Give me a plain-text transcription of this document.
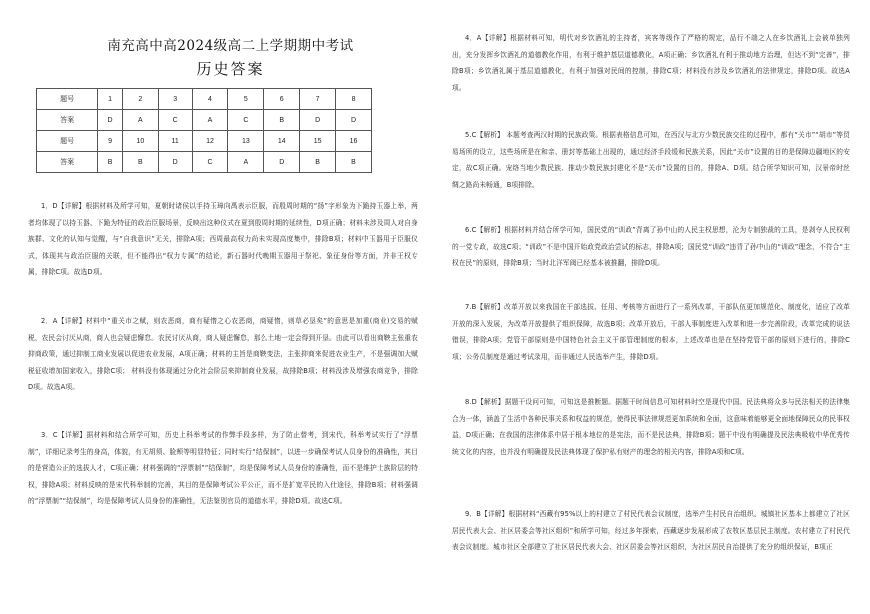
南充高中高2024级高二上学期期中考试
历史答案
题号	1	2	3	4	5	6	7	8
答案	D	A	C	A	C	B	D	D
题号	9	10	11	12	13	14	15	16
答案	B	B	D	C	A	D	B	B

1．D【详解】根据材料及所学可知，夏朝时诸侯以手持玉璋向禹表示臣服，而殷周时期的“扬”字形象为下跪持玉器上举，两者均体现了以持玉器、下跪为特征的政治臣服场景，反映出这种仪式在夏到殷周时期的延续性，D项正确；材料未涉及周人对自身族群、文化的认知与觉醒，与“自我意识”无关，排除A项；西周最高权力尚未实现高度集中，排除B项；材料中玉器用于臣服仪式，体现其与政治臣服的关联，但不能得出“权力专属”的结论，新石器时代晚期玉器用于祭祀、象征身份等方面，并非王权专属，排除C项。故选D项。

2．A【详解】材料中“重关市之赋，则农恶商，商有疑惰之心农恶商，商疑惰，则草必垦矣”的意思是加重(商业)交易的赋税，农民会讨厌从商，商人也会疑虑懈怠。农民讨厌从商，商人疑虑懈怠，那么土地一定会得到开垦。由此可以看出商鞅主张重农抑商政策，通过抑制工商业发展以促进农业发展，A项正确；材料的主旨是商鞅变法，主张抑商来促进农业生产，不是强调加大赋税征收增加国家收入，排除C项； 材料没有体现通过分化社会阶层来抑制商业发展，故排除B项；材料没涉及增强农商竞争，排除D项。故选A项。

3．C【详解】据材料和结合所学可知，历史上科举考试的作弊手段多样，为了防止替考，到宋代，科举考试实行了“浮票制”，详细记录考生的身高，体貌，有无胡须、脸颊等明显特征；同时实行“结保制”，以进一步确保考试人员身份的准确性，其目的是营造公正的选拔人才，C项正确；材料强调的“浮票制”“结保制”，均是保障考试人员身份的准确性，而不是维护士族阶层的特权，排除A项；材料反映的是宋代科举制的完善，其目的是保障考试公平公正，而不是扩宽平民的入仕途径，排除B项；材料强调的“浮票制”“结保制”，均是保障考试人员身份的准确性，无法鉴别官员的道德水平，排除D项。故选C项。

4．A【详解】根据材料可知，明代对乡饮酒礼的主持者，宾客等级作了严格的规定，品行不端之人在乡饮酒礼上会被单独列出，充分发挥乡饮酒礼的道德教化作用，有利于维护基层道德教化，A项正确；乡饮酒礼有利于推动地方治理，但达不到“完善”，排除B项；乡饮酒礼属于基层道德教化，有利于加强对民间的控制，排除C项；材料没有涉及乡饮酒礼的法律规定，排除D项。故选A项。

5.C【解析】 本题考查两汉时期的民族政策。根据表格信息可知，在西汉与北方少数民族交往的过程中，都有“关市”“胡市”等贸易场所的设立，这些场所是在和亲、册封等基础上出现的，通过经济手段缓和民族关系，因此“关市”设置的目的是保障边疆地区的安定，故C项正确。宠络当地少数民族、推动少数民族封建化不是“关市”设置的目的，排除A、D项。结合所学知识可知，汉景帝时丝绸之路尚未畅通，B项排除。

6.C【解析】根据材料并结合所学可知，国民党的“训政”背离了孙中山的人民主权思想，沦为专制独裁的工具，是剥夺人民权利的一党专政，故选C项；“训政”不是中国开始政党政治尝试的标志，排除A项；国民党“训政”违背了孙中山的“训政”理念，不符合“主权在民”的原则，排除B项；当时北洋军阀已经基本被推翻，排除D项。

7.B【解析】改革开放以来我国在干部选拔、任用、考核等方面进行了一系列改革，干部队伍更加规范化、制度化，适应了改革开放的深入发展，为改革开放提供了组织保障，故选B项；改革开放后，干部人事制度进入改革和进一步完善阶段，改革完成的说法错误，排除A项；党管干部原则是中国特色社会主义干部管理制度的根本，上述改革也是在坚持党管干部的原则下进行的，排除C项；公务员制度是通过考试录用，而非通过人民选举产生，排除D项。

8.D【解析】据题干设问可知，可知这是推断题。据题干时间信息可知材料时空是现代中国。民法典将众多与民法相关的法律集合为一体，涵盖了生活中各种民事关系和权益的规范，使得民事法律规范更加系统和全面，这意味着能够更全面地保障民众的民事权益，D项正确；在我国的法律体系中居于根本地位的是宪法，而不是民法典，排除B项；题干中没有明确提及民法典吸收中华优秀传统文化的内容，也并没有明确提及民法典体现了保护私有财产的理念的相关内容，排除A项和C项。

9．B【详解】根据材料“西藏有95%以上的村建立了村民代表会议制度，选举产生村民自治组织。城镇社区基本上都建立了社区居民代表大会、社区居委会等社区组织”和所学可知，经过多年探索，西藏逐步发展形成了农牧区基层民主制度。农村建立了村民代表会议制度。城市社区全部建立了社区居民代表大会、社区居委会等社区组织，为社区居民自治提供了充分的组织保证，B项正
